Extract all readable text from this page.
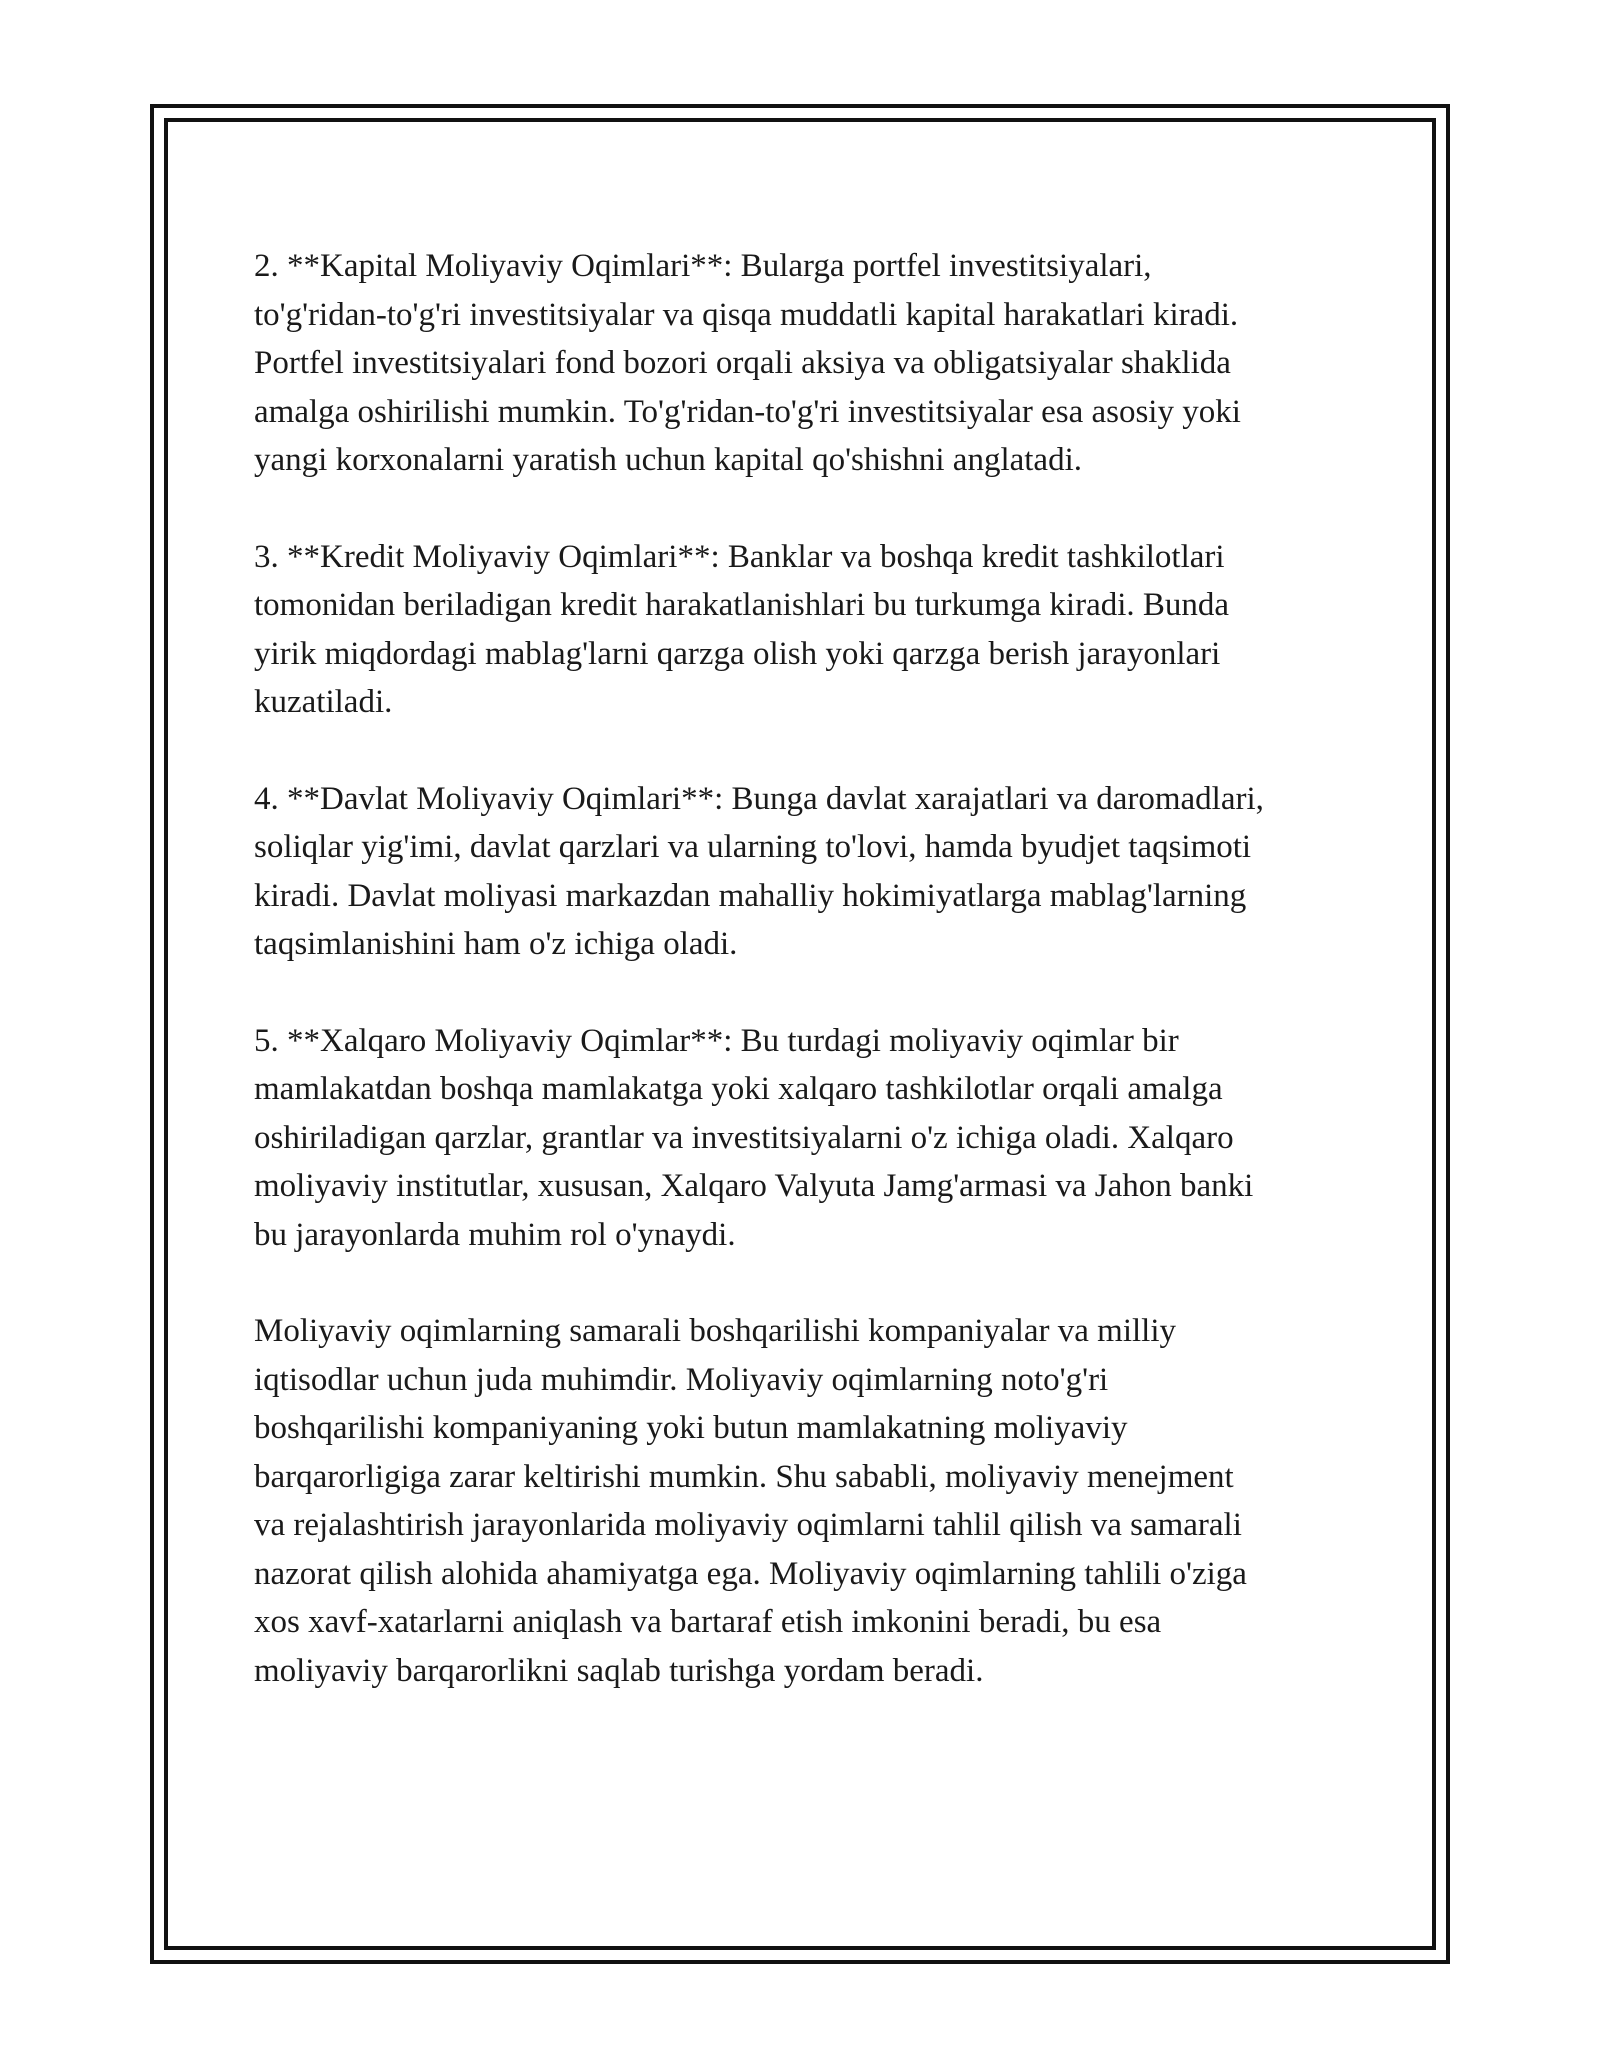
2. **Kapital Moliyaviy Oqimlari**: Bularga portfel investitsiyalari,
to'g'ridan-to'g'ri investitsiyalar va qisqa muddatli kapital harakatlari kiradi.
Portfel investitsiyalari fond bozori orqali aksiya va obligatsiyalar shaklida
amalga oshirilishi mumkin. To'g'ridan-to'g'ri investitsiyalar esa asosiy yoki
yangi korxonalarni yaratish uchun kapital qo'shishni anglatadi.

3. **Kredit Moliyaviy Oqimlari**: Banklar va boshqa kredit tashkilotlari
tomonidan beriladigan kredit harakatlanishlari bu turkumga kiradi. Bunda
yirik miqdordagi mablag'larni qarzga olish yoki qarzga berish jarayonlari
kuzatiladi.

4. **Davlat Moliyaviy Oqimlari**: Bunga davlat xarajatlari va daromadlari,
soliqlar yig'imi, davlat qarzlari va ularning to'lovi, hamda byudjet taqsimoti
kiradi. Davlat moliyasi markazdan mahalliy hokimiyatlarga mablag'larning
taqsimlanishini ham o'z ichiga oladi.

5. **Xalqaro Moliyaviy Oqimlar**: Bu turdagi moliyaviy oqimlar bir
mamlakatdan boshqa mamlakatga yoki xalqaro tashkilotlar orqali amalga
oshiriladigan qarzlar, grantlar va investitsiyalarni o'z ichiga oladi. Xalqaro
moliyaviy institutlar, xususan, Xalqaro Valyuta Jamg'armasi va Jahon banki
bu jarayonlarda muhim rol o'ynaydi.

Moliyaviy oqimlarning samarali boshqarilishi kompaniyalar va milliy
iqtisodlar uchun juda muhimdir. Moliyaviy oqimlarning noto'g'ri
boshqarilishi kompaniyaning yoki butun mamlakatning moliyaviy
barqarorligiga zarar keltirishi mumkin. Shu sababli, moliyaviy menejment
va rejalashtirish jarayonlarida moliyaviy oqimlarni tahlil qilish va samarali
nazorat qilish alohida ahamiyatga ega. Moliyaviy oqimlarning tahlili o'ziga
xos xavf-xatarlarni aniqlash va bartaraf etish imkonini beradi, bu esa
moliyaviy barqarorlikni saqlab turishga yordam beradi.
